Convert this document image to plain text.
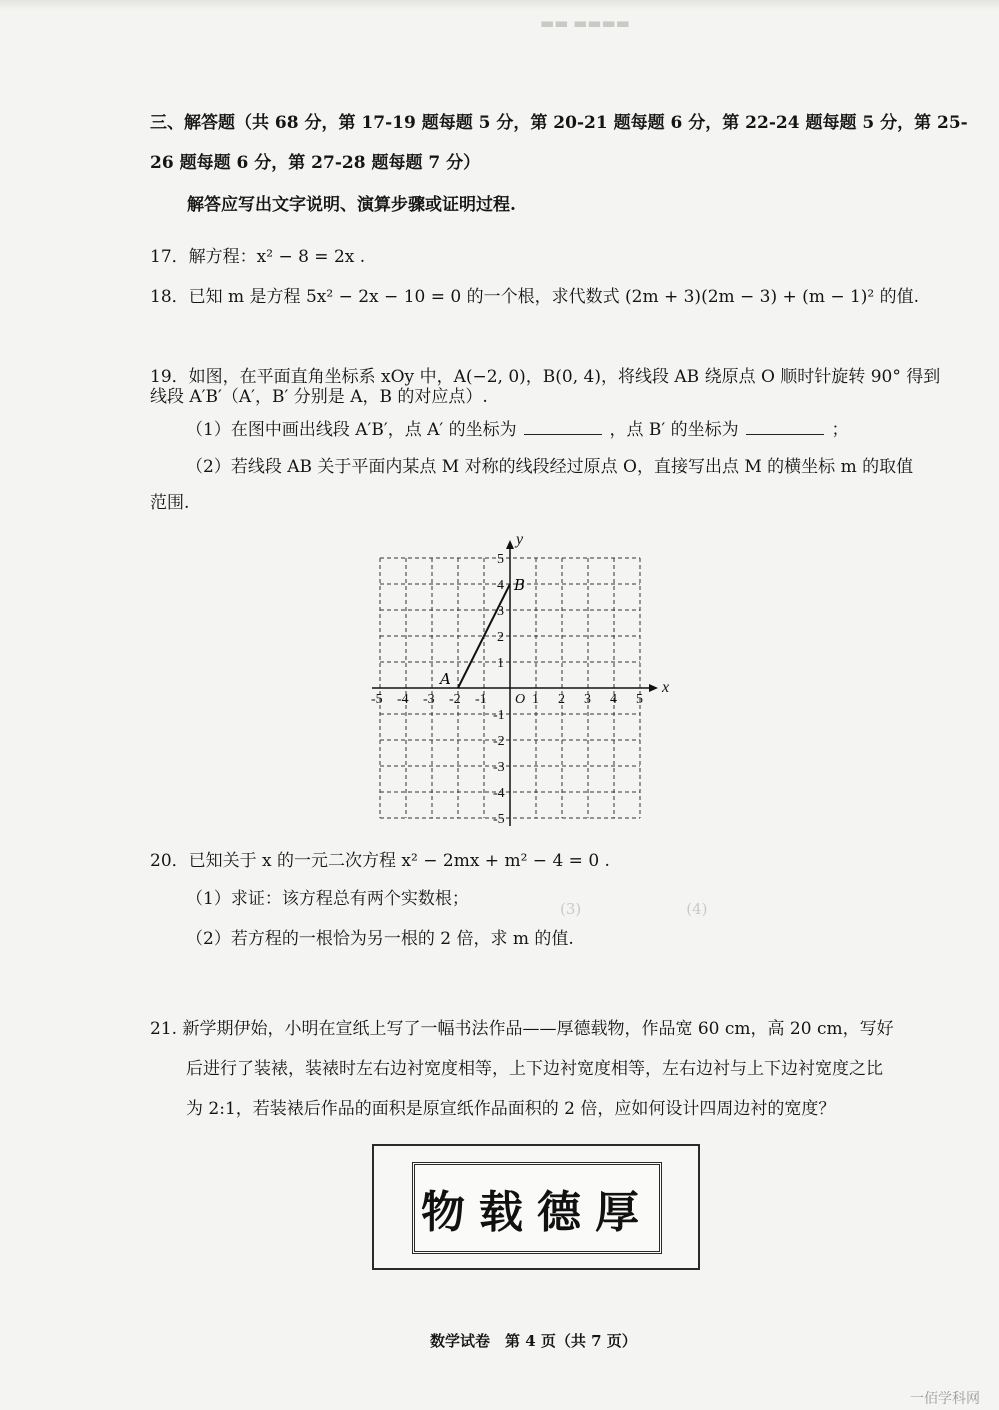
▬▬ ▬▬▬▬
三、解答题（共 68 分，第 17-19 题每题 5 分，第 20-21 题每题 6 分，第 22-24 题每题 5 分，第 25-
26 题每题 6 分，第 27-28 题每题 7 分）
解答应写出文字说明、演算步骤或证明过程.
17．解方程：x² − 8 = 2x .
18．已知 m 是方程 5x² − 2x − 10 = 0 的一个根，求代数式 (2m + 3)(2m − 3) + (m − 1)² 的值.
19．如图，在平面直角坐标系 xOy 中，A(−2, 0)，B(0, 4)，将线段 AB 绕原点 O 顺时针旋转 90° 得到
线段 A′B′（A′，B′ 分别是 A，B 的对应点）.
（1）在图中画出线段 A′B′，点 A′ 的坐标为	，点 B′ 的坐标为	；
（2）若线段 AB 关于平面内某点 M 对称的线段经过原点 O，直接写出点 M 的横坐标 m 的取值
范围.
-5 -4 -3 -2 -1	1 2 3 4 5
5
4
3
2
1
-1
-2
-3
-4
-5
O
x
y
A
B
20．已知关于 x 的一元二次方程 x² − 2mx + m² − 4 = 0 .
（1）求证：该方程总有两个实数根；
（2）若方程的一根恰为另一根的 2 倍，求 m 的值.
(3)　　　　　　　(4)
21. 新学期伊始，小明在宣纸上写了一幅书法作品——厚德载物，作品宽 60 cm，高 20 cm，写好
后进行了装裱，装裱时左右边衬宽度相等，上下边衬宽度相等，左右边衬与上下边衬宽度之比
为 2:1，若装裱后作品的面积是原宣纸作品面积的 2 倍，应如何设计四周边衬的宽度？
物载德厚
数学试卷　第 4 页（共 7 页）
一佰学科网
